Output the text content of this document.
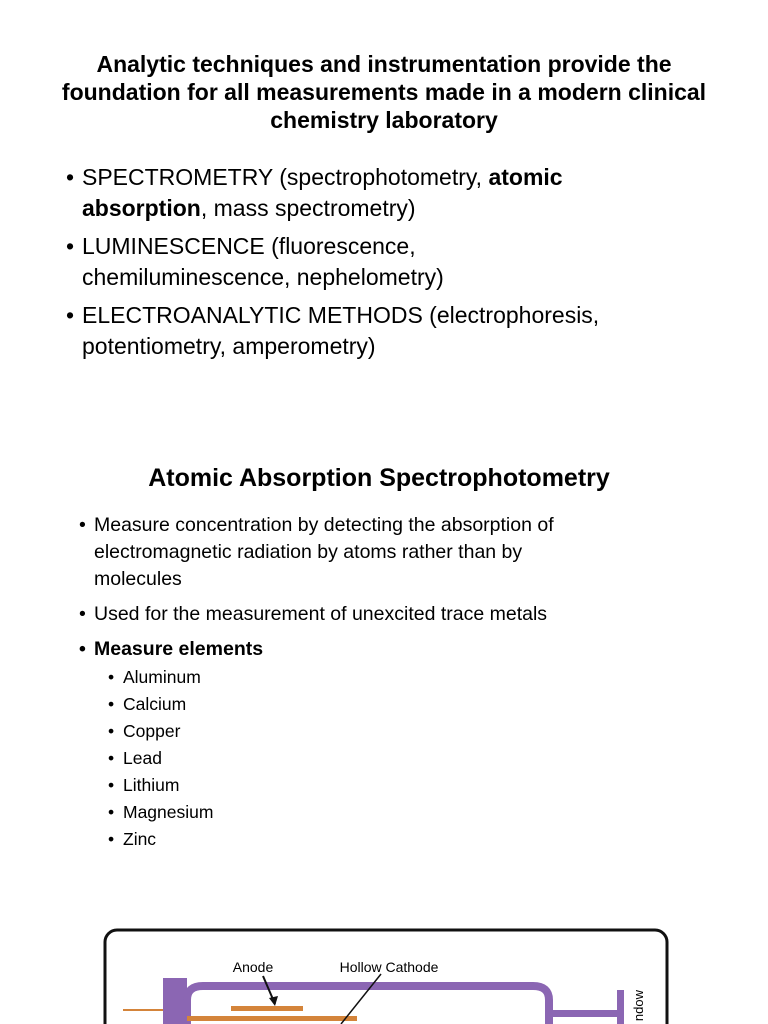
Analytic techniques and instrumentation provide the foundation for all measurements made in a modern clinical chemistry laboratory
• SPECTROMETRY (spectrophotometry, atomic
absorption, mass spectrometry)
• LUMINESCENCE (fluorescence,
chemiluminescence, nephelometry)
• ELECTROANALYTIC METHODS (electrophoresis,
potentiometry, amperometry)
Atomic Absorption Spectrophotometry
• Measure concentration by detecting the absorption of
electromagnetic radiation by atoms rather than by
molecules
• Used for the measurement of unexcited trace metals
• Measure elements
• Aluminum
• Calcium
• Copper
• Lead
• Lithium
• Magnesium
• Zinc
Anode	Hollow Cathode
ndow
